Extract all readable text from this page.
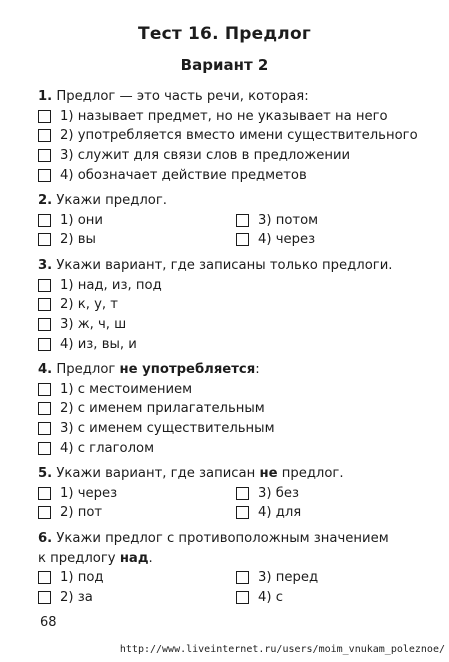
Тест 16. Предлог
Вариант 2
1. Предлог — это часть речи, которая:
1) называет предмет, но не указывает на него
2) употребляется вместо имени существительного
3) служит для связи слов в предложении
4) обозначает действие предметов
2. Укажи предлог.
1) они	3) потом
2) вы	4) через
3. Укажи вариант, где записаны только предлоги.
1) над, из, под
2) к, у, т
3) ж, ч, ш
4) из, вы, и
4. Предлог не употребляется:
1) с местоимением
2) с именем прилагательным
3) с именем существительным
4) с глаголом
5. Укажи вариант, где записан не предлог.
1) через	3) без
2) пот	4) для
6. Укажи предлог с противоположным значением
к предлогу над.
1) под	3) перед
2) за	4) с
68
http://www.liveinternet.ru/users/moim_vnukam_poleznoe/
